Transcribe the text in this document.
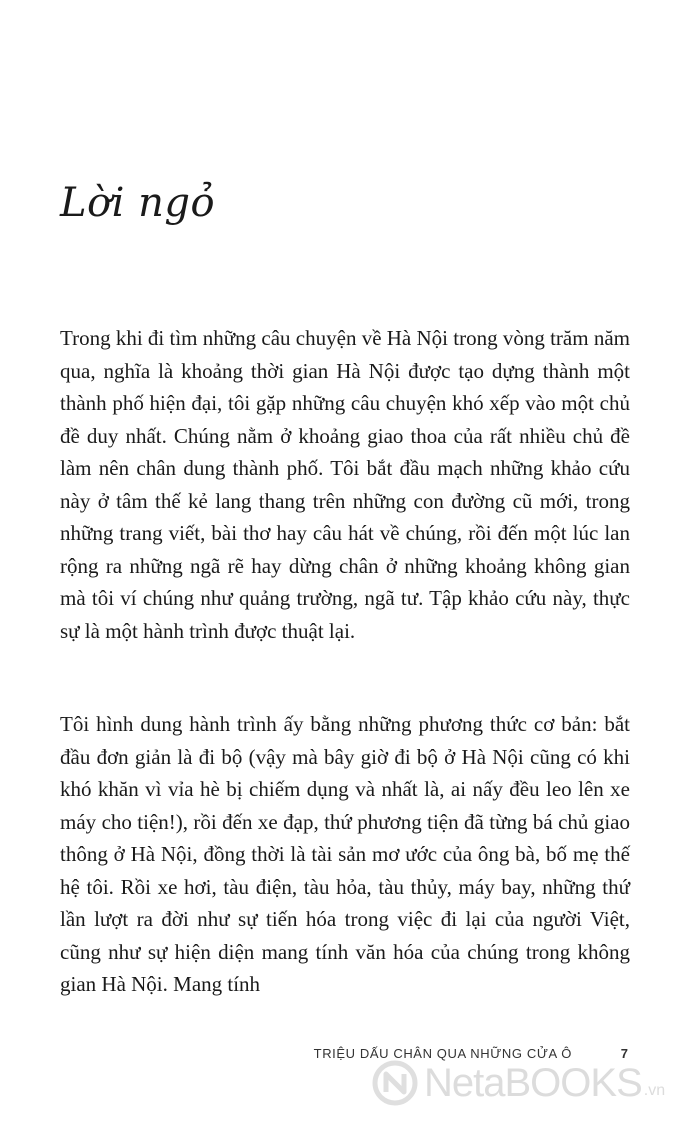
Lời ngỏ

Trong khi đi tìm những câu chuyện về Hà Nội trong vòng trăm năm qua, nghĩa là khoảng thời gian Hà Nội được tạo dựng thành một thành phố hiện đại, tôi gặp những câu chuyện khó xếp vào một chủ đề duy nhất. Chúng nằm ở khoảng giao thoa của rất nhiều chủ đề làm nên chân dung thành phố. Tôi bắt đầu mạch những khảo cứu này ở tâm thế kẻ lang thang trên những con đường cũ mới, trong những trang viết, bài thơ hay câu hát về chúng, rồi đến một lúc lan rộng ra những ngã rẽ hay dừng chân ở những khoảng không gian mà tôi ví chúng như quảng trường, ngã tư. Tập khảo cứu này, thực sự là một hành trình được thuật lại.

Tôi hình dung hành trình ấy bằng những phương thức cơ bản: bắt đầu đơn giản là đi bộ (vậy mà bây giờ đi bộ ở Hà Nội cũng có khi khó khăn vì vỉa hè bị chiếm dụng và nhất là, ai nấy đều leo lên xe máy cho tiện!), rồi đến xe đạp, thứ phương tiện đã từng bá chủ giao thông ở Hà Nội, đồng thời là tài sản mơ ước của ông bà, bố mẹ thế hệ tôi. Rồi xe hơi, tàu điện, tàu hỏa, tàu thủy, máy bay, những thứ lần lượt ra đời như sự tiến hóa trong việc đi lại của người Việt, cũng như sự hiện diện mang tính văn hóa của chúng trong không gian Hà Nội. Mang tính

TRIỆU DẤU CHÂN QUA NHỮNG CỬA Ô	7
NetaBOOKS .vn
